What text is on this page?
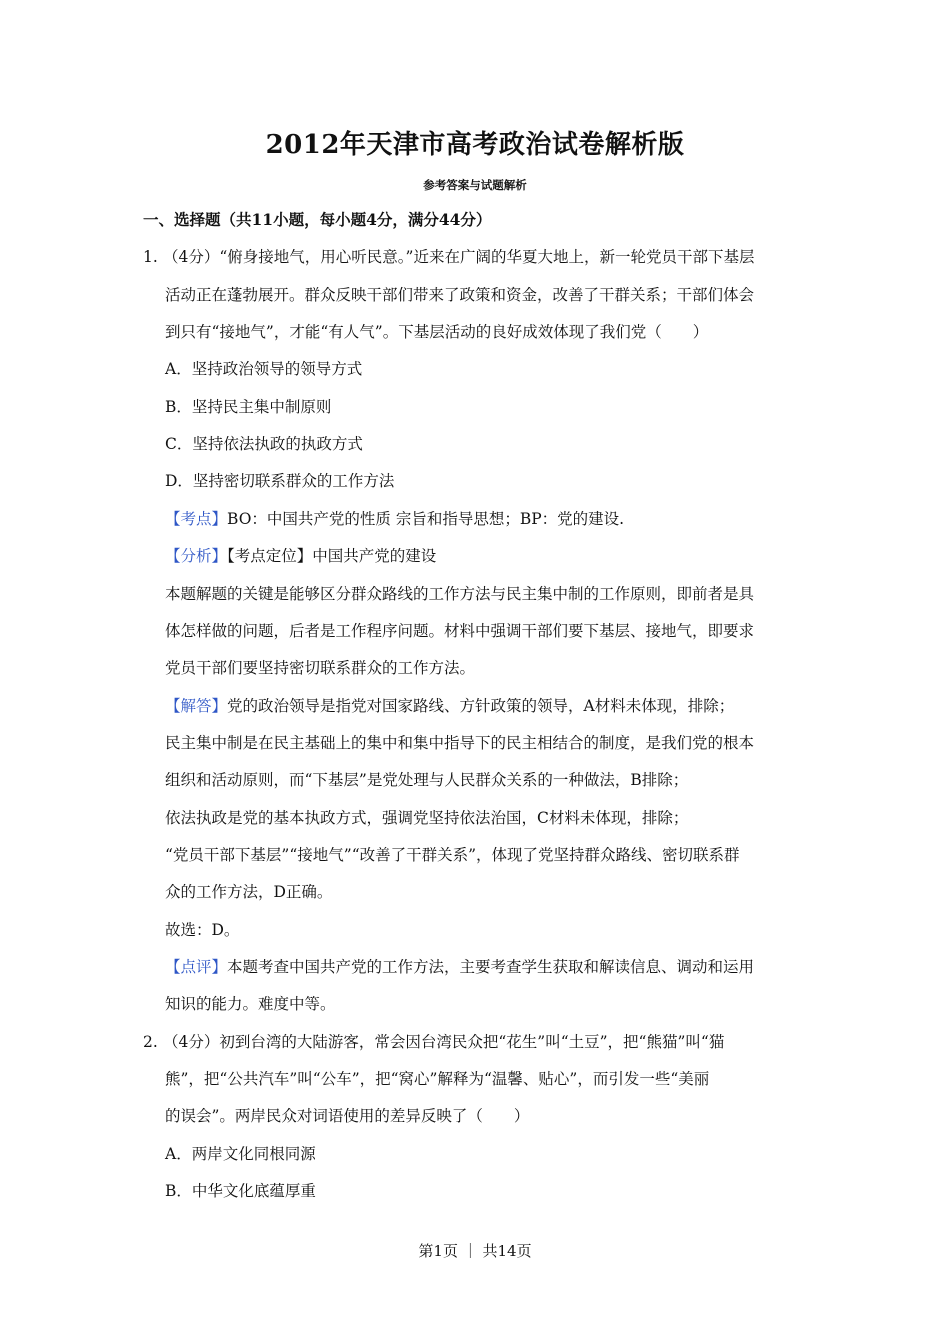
2012年天津市高考政治试卷解析版
参考答案与试题解析
一、选择题（共11小题，每小题4分，满分44分）
1. （4分）“俯身接地气，用心听民意。”近来在广阔的华夏大地上，新一轮党员干部下基层
活动正在蓬勃展开。群众反映干部们带来了政策和资金，改善了干群关系；干部们体会
到只有“接地气”，才能“有人气”。下基层活动的良好成效体现了我们党（　　）
A．坚持政治领导的领导方式
B．坚持民主集中制原则
C．坚持依法执政的执政方式
D．坚持密切联系群众的工作方法
【考点】BO：中国共产党的性质 宗旨和指导思想；BP：党的建设.
【分析】【考点定位】中国共产党的建设
本题解题的关键是能够区分群众路线的工作方法与民主集中制的工作原则，即前者是具
体怎样做的问题，后者是工作程序问题。材料中强调干部们要下基层、接地气，即要求
党员干部们要坚持密切联系群众的工作方法。
【解答】党的政治领导是指党对国家路线、方针政策的领导，A材料未体现，排除；
民主集中制是在民主基础上的集中和集中指导下的民主相结合的制度，是我们党的根本
组织和活动原则，而“下基层”是党处理与人民群众关系的一种做法，B排除；
依法执政是党的基本执政方式，强调党坚持依法治国，C材料未体现，排除；
“党员干部下基层”“接地气”“改善了干群关系”，体现了党坚持群众路线、密切联系群
众的工作方法，D正确。
故选：D。
【点评】本题考查中国共产党的工作方法，主要考查学生获取和解读信息、调动和运用
知识的能力。难度中等。
2. （4分）初到台湾的大陆游客，常会因台湾民众把“花生”叫“土豆”，把“熊猫”叫“猫
熊”，把“公共汽车”叫“公车”，把“窝心”解释为“温馨、贴心”，而引发一些“美丽
的误会”。两岸民众对词语使用的差异反映了（　　）
A．两岸文化同根同源
B．中华文化底蕴厚重
第1页 ｜ 共14页
